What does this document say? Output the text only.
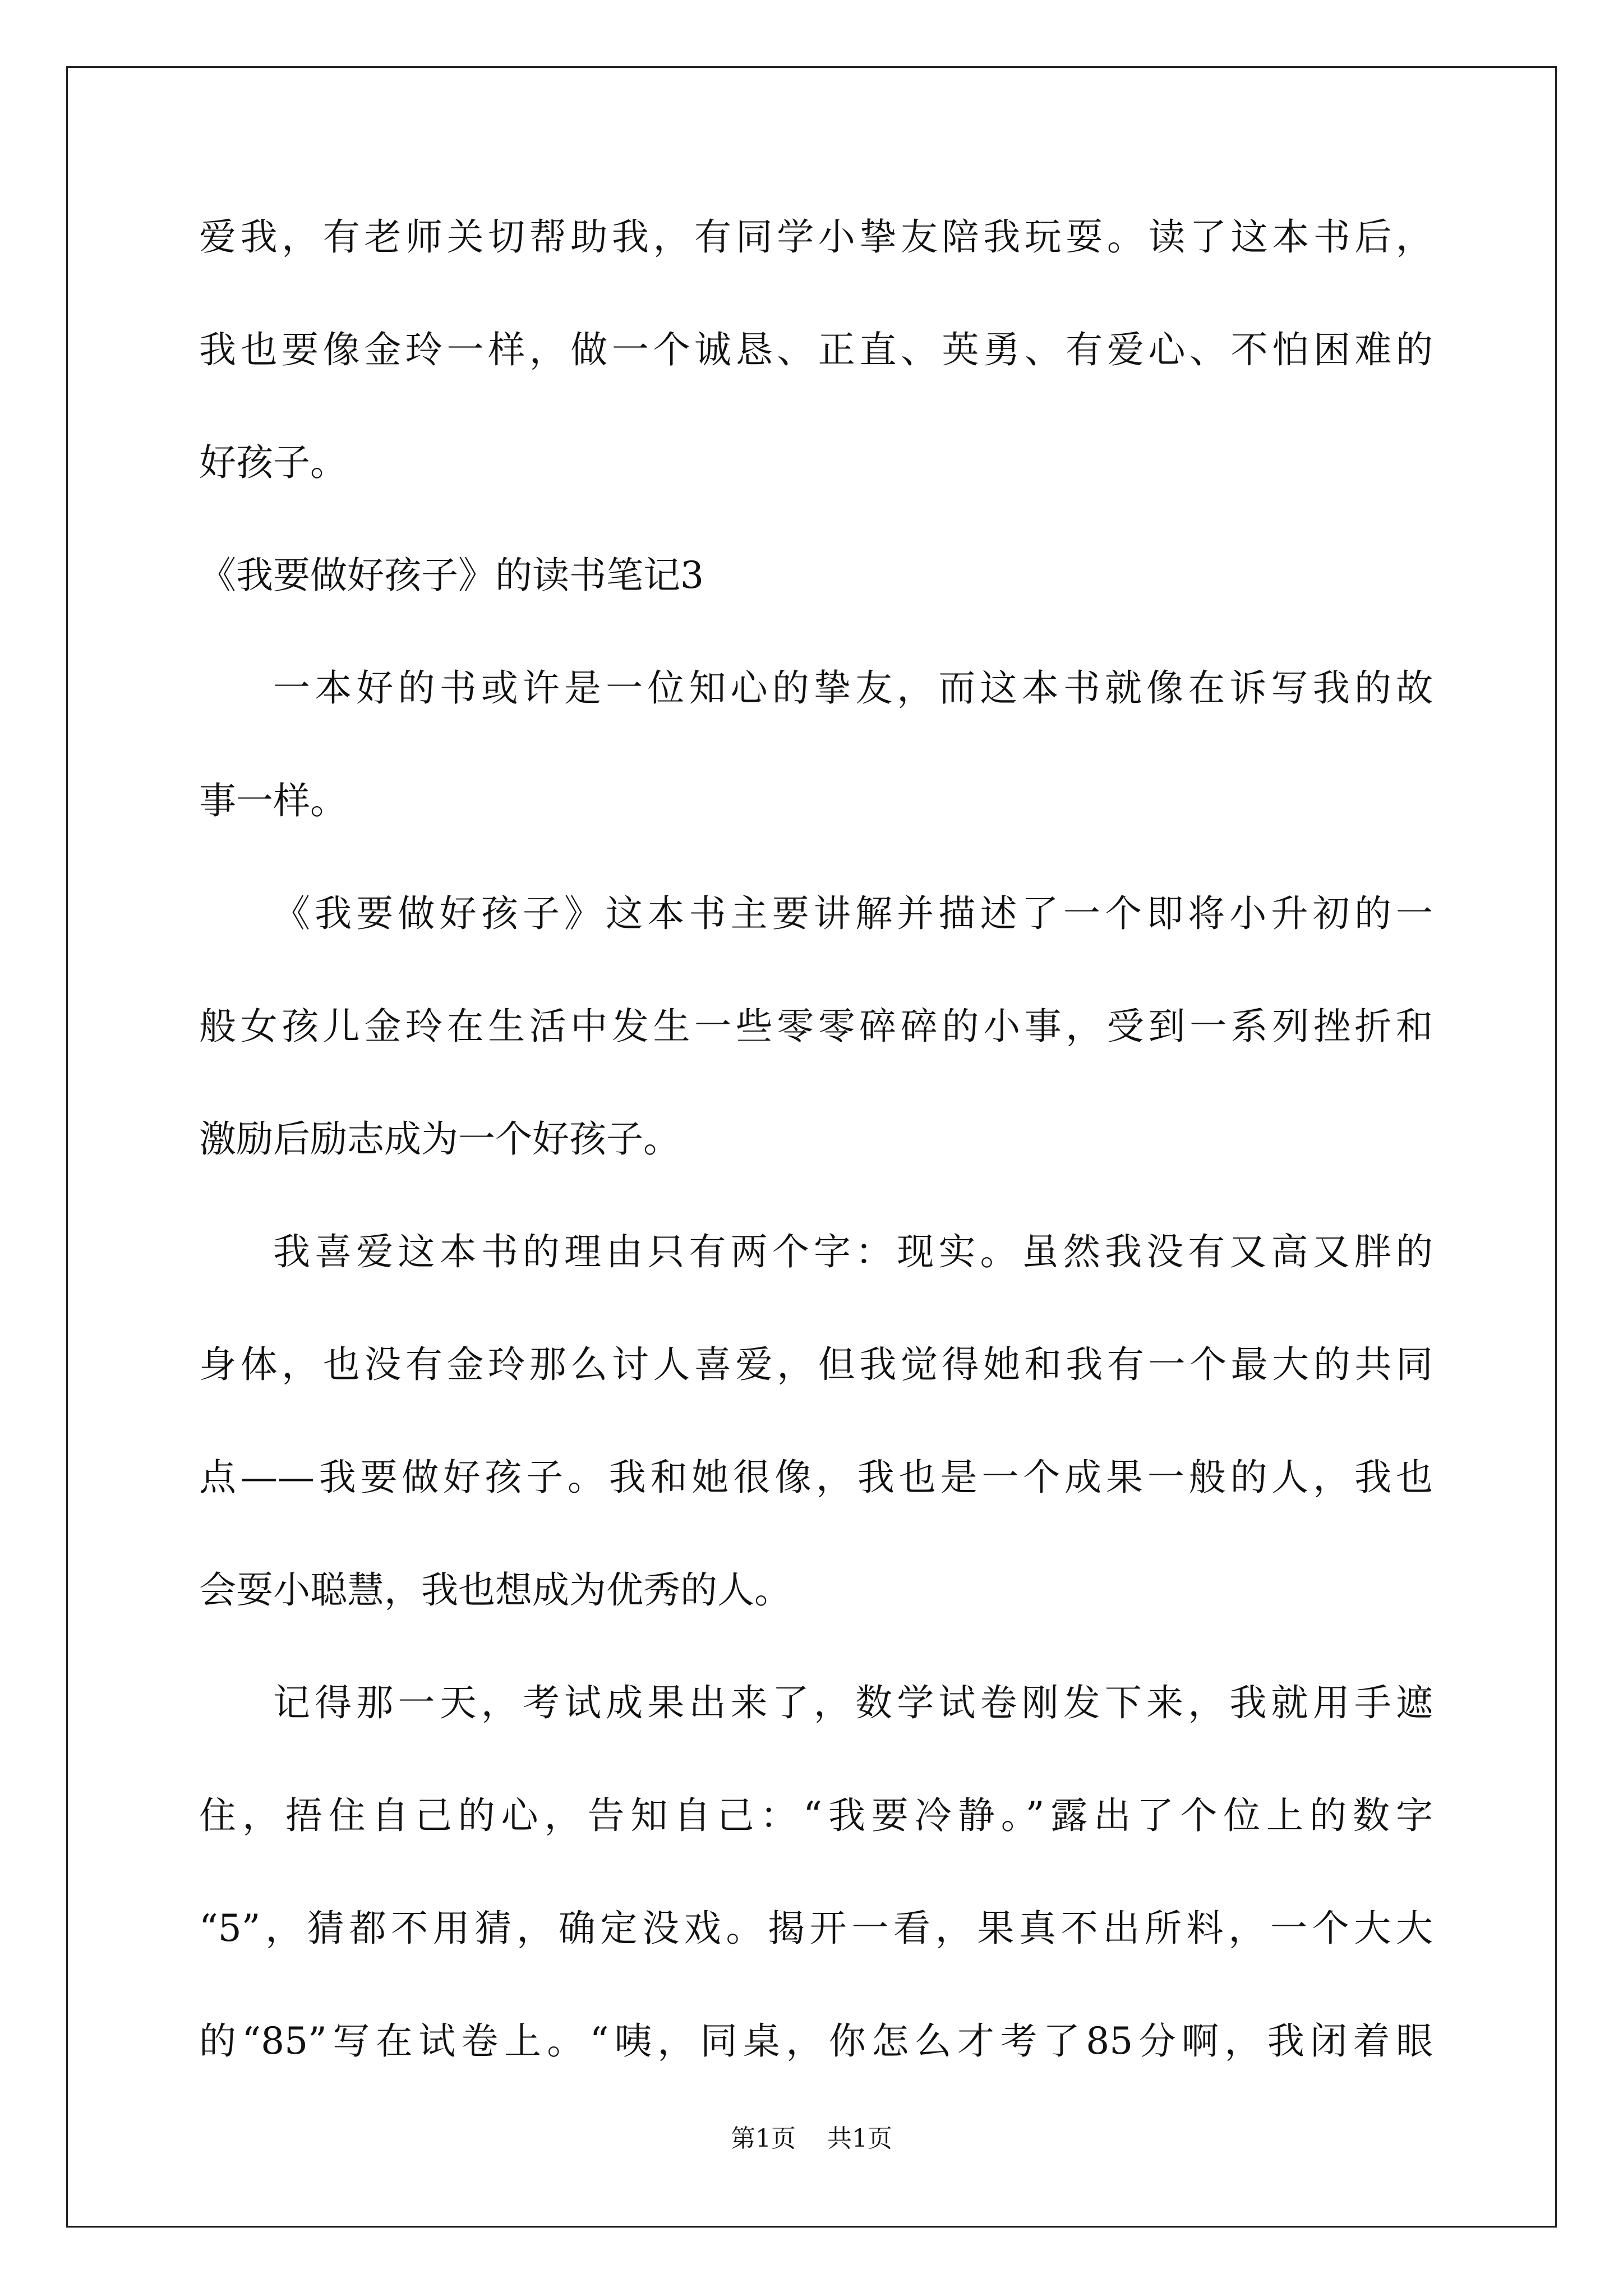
爱我，有老师关切帮助我，有同学小挚友陪我玩耍。读了这本书后，
我也要像金玲一样，做一个诚恳、正直、英勇、有爱心、不怕困难的
好孩子。
《我要做好孩子》的读书笔记3
一本好的书或许是一位知心的挚友，而这本书就像在诉写我的故
事一样。
《我要做好孩子》这本书主要讲解并描述了一个即将小升初的一
般女孩儿金玲在生活中发生一些零零碎碎的小事，受到一系列挫折和
激励后励志成为一个好孩子。
我喜爱这本书的理由只有两个字：现实。虽然我没有又高又胖的
身体，也没有金玲那么讨人喜爱，但我觉得她和我有一个最大的共同
点——我要做好孩子。我和她很像，我也是一个成果一般的人，我也
会耍小聪慧，我也想成为优秀的人。
记得那一天，考试成果出来了，数学试卷刚发下来，我就用手遮
住，捂住自己的心，告知自己：“我要冷静。”露出了个位上的数字
“5”，猜都不用猜，确定没戏。揭开一看，果真不出所料，一个大大
的“85”写在试卷上。“咦，同桌，你怎么才考了85分啊，我闭着眼
第1页    共1页
